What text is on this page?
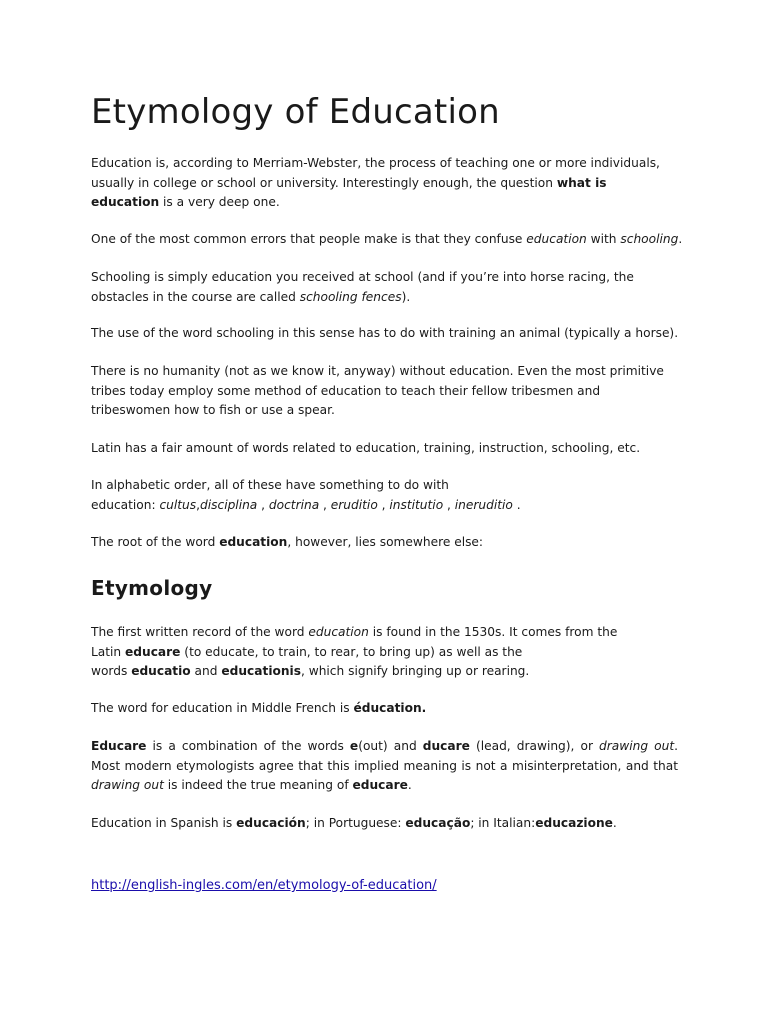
Etymology of Education
Education is, according to Merriam-Webster, the process of teaching one or more individuals,
usually in college or school or university. Interestingly enough, the question what is
education is a very deep one.
One of the most common errors that people make is that they confuse education with schooling.
Schooling is simply education you received at school (and if you’re into horse racing, the obstacles in the course are called schooling fences).
The use of the word schooling in this sense has to do with training an animal (typically a horse).
There is no humanity (not as we know it, anyway) without education. Even the most primitive tribes today employ some method of education to teach their fellow tribesmen and tribeswomen how to fish or use a spear.
Latin has a fair amount of words related to education, training, instruction, schooling, etc.
In alphabetic order, all of these have something to do with
education: cultus,disciplina , doctrina , eruditio , institutio , ineruditio .
The root of the word education, however, lies somewhere else:
Etymology
The first written record of the word education is found in the 1530s. It comes from the
Latin educare (to educate, to train, to rear, to bring up) as well as the
words educatio and educationis, which signify bringing up or rearing.
The word for education in Middle French is éducation.
Educare is a combination of the words e(out) and ducare (lead, drawing), or drawing out. Most modern etymologists agree that this implied meaning is not a misinterpretation, and that drawing out is indeed the true meaning of educare.
Education in Spanish is educación; in Portuguese: educação; in Italian:educazione.
http://english-ingles.com/en/etymology-of-education/
